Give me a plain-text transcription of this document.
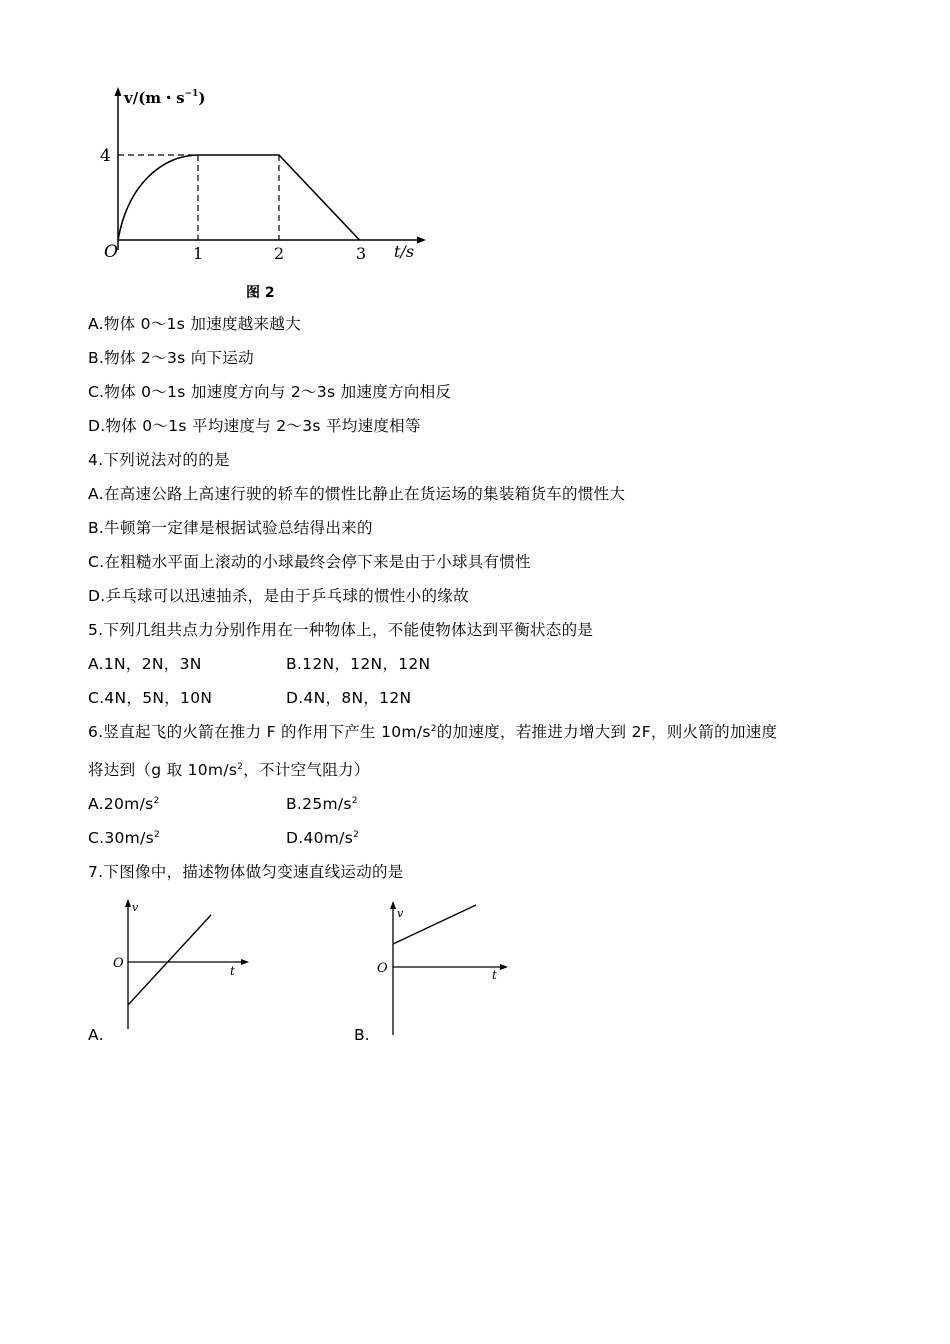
4
O	1	2	3 t/s
v/(m・$s^{-1}$)
图 2
A.物体 0～1s 加速度越来越大
B.物体 2～3s 向下运动
C.物体 0～1s 加速度方向与 2～3s 加速度方向相反
D.物体 0～1s 平均速度与 2～3s 平均速度相等
4.下列说法对的的是
A.在高速公路上高速行驶的轿车的惯性比静止在货运场的集装箱货车的惯性大
B.牛顿第一定律是根据试验总结得出来的
C.在粗糙水平面上滚动的小球最终会停下来是由于小球具有惯性
D.乒乓球可以迅速抽杀，是由于乒乓球的惯性小的缘故
5.下列几组共点力分别作用在一种物体上，不能使物体达到平衡状态的是
A.1N，2N，3N	B.12N，12N，12N
C.4N，5N，10N	D.4N，8N，12N
6.竖直起飞的火箭在推力 F 的作用下产生 $10m/s^2$的加速度，若推进力增大到 2F，则火箭的加速度
将达到（g 取 $10m/s^2$，不计空气阻力）
$A.20m/s^2$	$B.25m/s^2$
$C.30m/s^2$	$D.40m/s^2$
7.下图像中，描述物体做匀变速直线运动的是
v
O	t
A.
v
O	t
B.
